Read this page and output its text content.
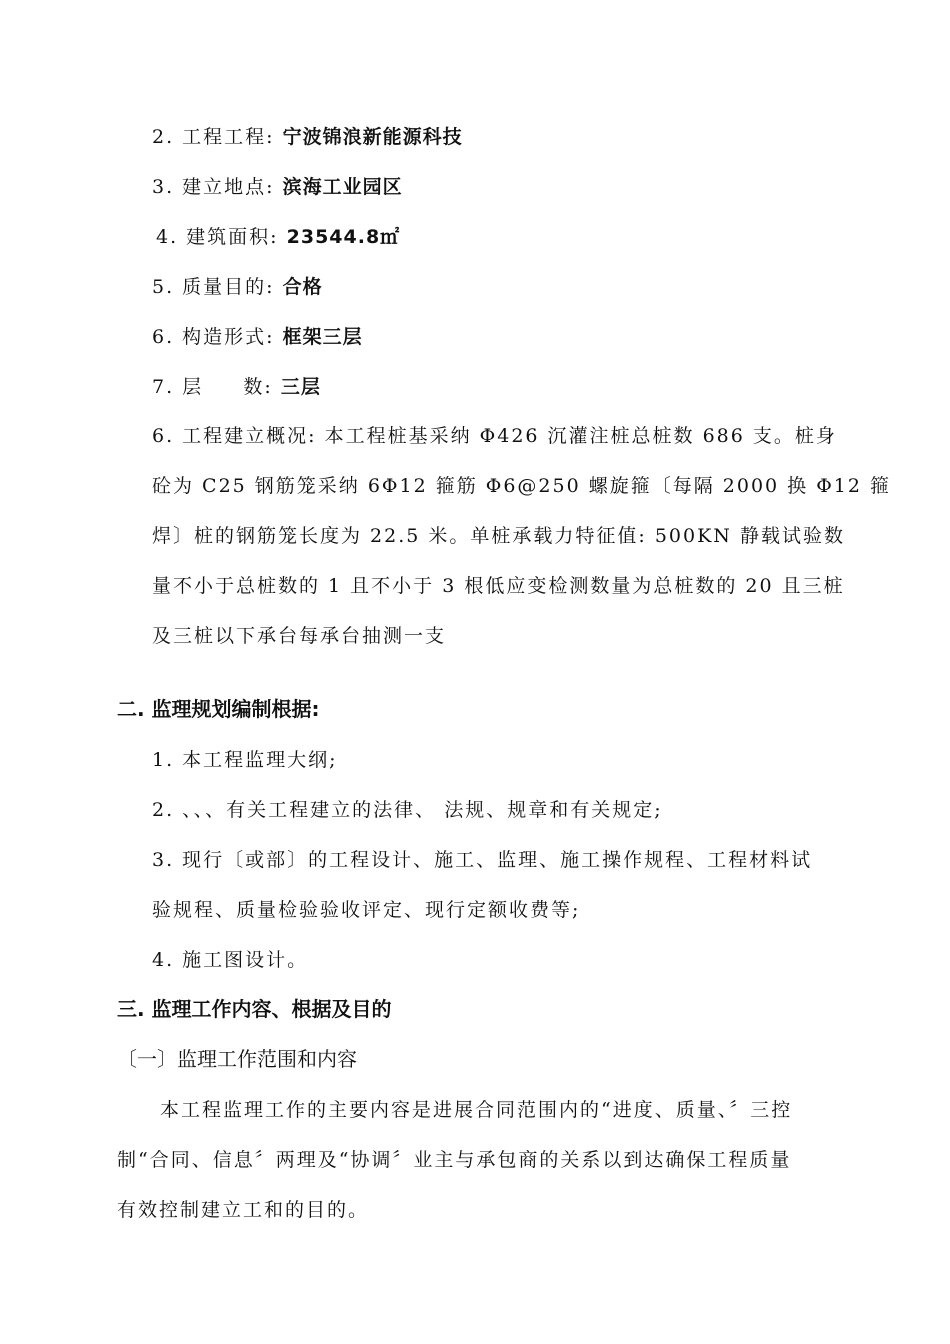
2. 工程工程: 宁波锦浪新能源科技
3. 建立地点: 滨海工业园区
4. 建筑面积: 23544.8㎡
5. 质量目的: 合格
6. 构造形式: 框架三层
7. 层     数: 三层
6. 工程建立概况: 本工程桩基采纳 Φ426 沉灌注桩总桩数 686 支。桩身
砼为 C25 钢筋笼采纳 6Φ12 箍筋 Φ6@250 螺旋箍〔每隔 2000 换 Φ12 箍
焊〕桩的钢筋笼长度为 22.5 米。单桩承载力特征值: 500KN 静载试验数
量不小于总桩数的 1 且不小于 3 根低应变检测数量为总桩数的 20 且三桩
及三桩以下承台每承台抽测一支
二. 监理规划编制根据:
1. 本工程监理大纲;
2. 、、、有关工程建立的法律、 法规、规章和有关规定;
3. 现行〔或部〕的工程设计、施工、监理、施工操作规程、工程材料试
验规程、质量检验验收评定、现行定额收费等;
4. 施工图设计。
三. 监理工作内容、根据及目的
〔一〕监理工作范围和内容
本工程监理工作的主要内容是进展合同范围内的“进度、质量、〞三控
制“合同、信息〞两理及“协调〞业主与承包商的关系以到达确保工程质量
有效控制建立工和的目的。
